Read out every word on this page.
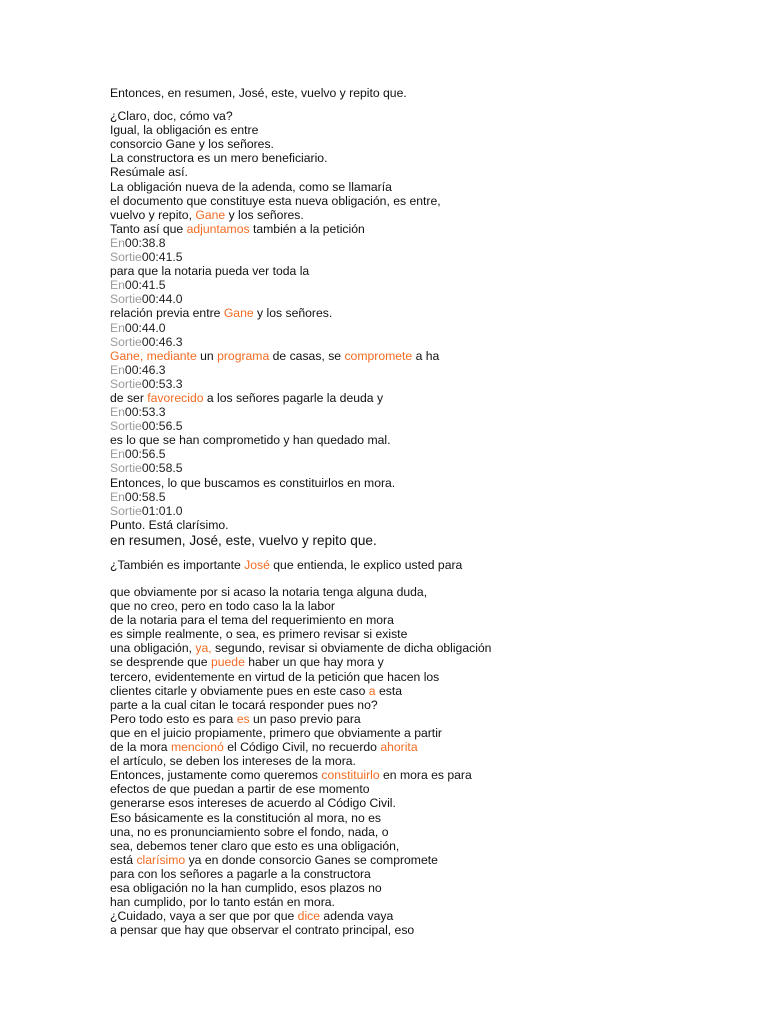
Entonces, en resumen, José, este, vuelvo y repito que.
¿Claro, doc, cómo va?
Igual, la obligación es entre
consorcio Gane y los señores.
La constructora es un mero beneficiario.
Resúmale así.
La obligación nueva de la adenda, como se llamaría
el documento que constituye esta nueva obligación, es entre,
vuelvo y repito, Gane y los señores.
Tanto así que adjuntamos también a la petición
En00:38.8
Sortie00:41.5
para que la notaria pueda ver toda la
En00:41.5
Sortie00:44.0
relación previa entre Gane y los señores.
En00:44.0
Sortie00:46.3
Gane, mediante un programa de casas, se compromete a ha
En00:46.3
Sortie00:53.3
de ser favorecido a los señores pagarle la deuda y
En00:53.3
Sortie00:56.5
es lo que se han comprometido y han quedado mal.
En00:56.5
Sortie00:58.5
Entonces, lo que buscamos es constituirlos en mora.
En00:58.5
Sortie01:01.0
Punto. Está clarísimo.
en resumen, José, este, vuelvo y repito que.
¿También es importante José que entienda, le explico usted para
que obviamente por si acaso la notaria tenga alguna duda,
que no creo, pero en todo caso la la labor
de la notaria para el tema del requerimiento en mora
es simple realmente, o sea, es primero revisar si existe
una obligación, ya, segundo, revisar si obviamente de dicha obligación
se desprende que puede haber un que hay mora y
tercero, evidentemente en virtud de la petición que hacen los
clientes citarle y obviamente pues en este caso a esta
parte a la cual citan le tocará responder pues no?
Pero todo esto es para es un paso previo para
que en el juicio propiamente, primero que obviamente a partir
de la mora mencionó el Código Civil, no recuerdo ahorita
el artículo, se deben los intereses de la mora.
Entonces, justamente como queremos constituirlo en mora es para
efectos de que puedan a partir de ese momento
generarse esos intereses de acuerdo al Código Civil.
Eso básicamente es la constitución al mora, no es
una, no es pronunciamiento sobre el fondo, nada, o
sea, debemos tener claro que esto es una obligación,
está clarísimo ya en donde consorcio Ganes se compromete
para con los señores a pagarle a la constructora
esa obligación no la han cumplido, esos plazos no
han cumplido, por lo tanto están en mora.
¿Cuidado, vaya a ser que por que dice adenda vaya
a pensar que hay que observar el contrato principal, eso
